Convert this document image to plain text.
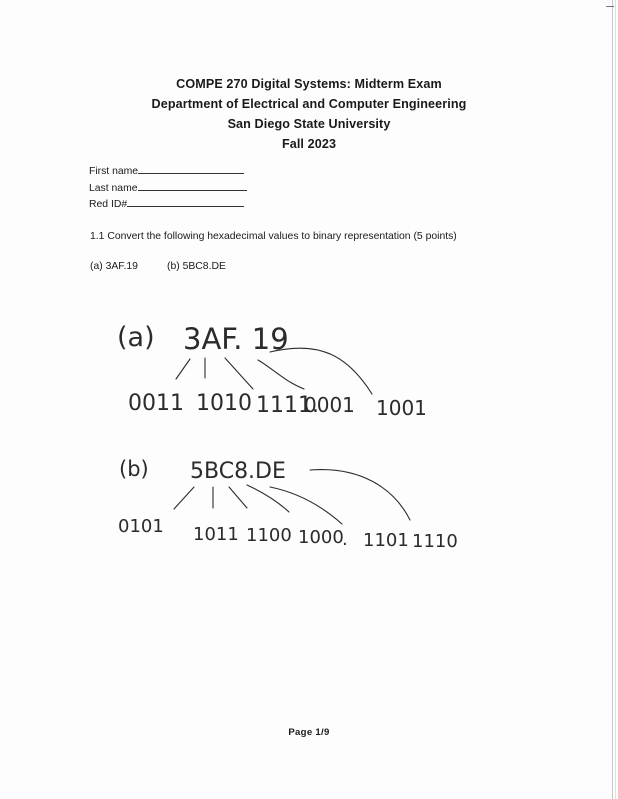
COMPE 270 Digital Systems: Midterm Exam
Department of Electrical and Computer Engineering
San Diego State University
Fall 2023
First name
Last name
Red ID#
1.1 Convert the following hexadecimal values to binary representation (5 points)
(a) 3AF.19	(b) 5BC8.DE
(a) 3AF. 19
0011 1010 1111.
0001 1001
(b) 5BC8.DE
0101 1011 1100 1000
. 1101 1110
Page 1/9
